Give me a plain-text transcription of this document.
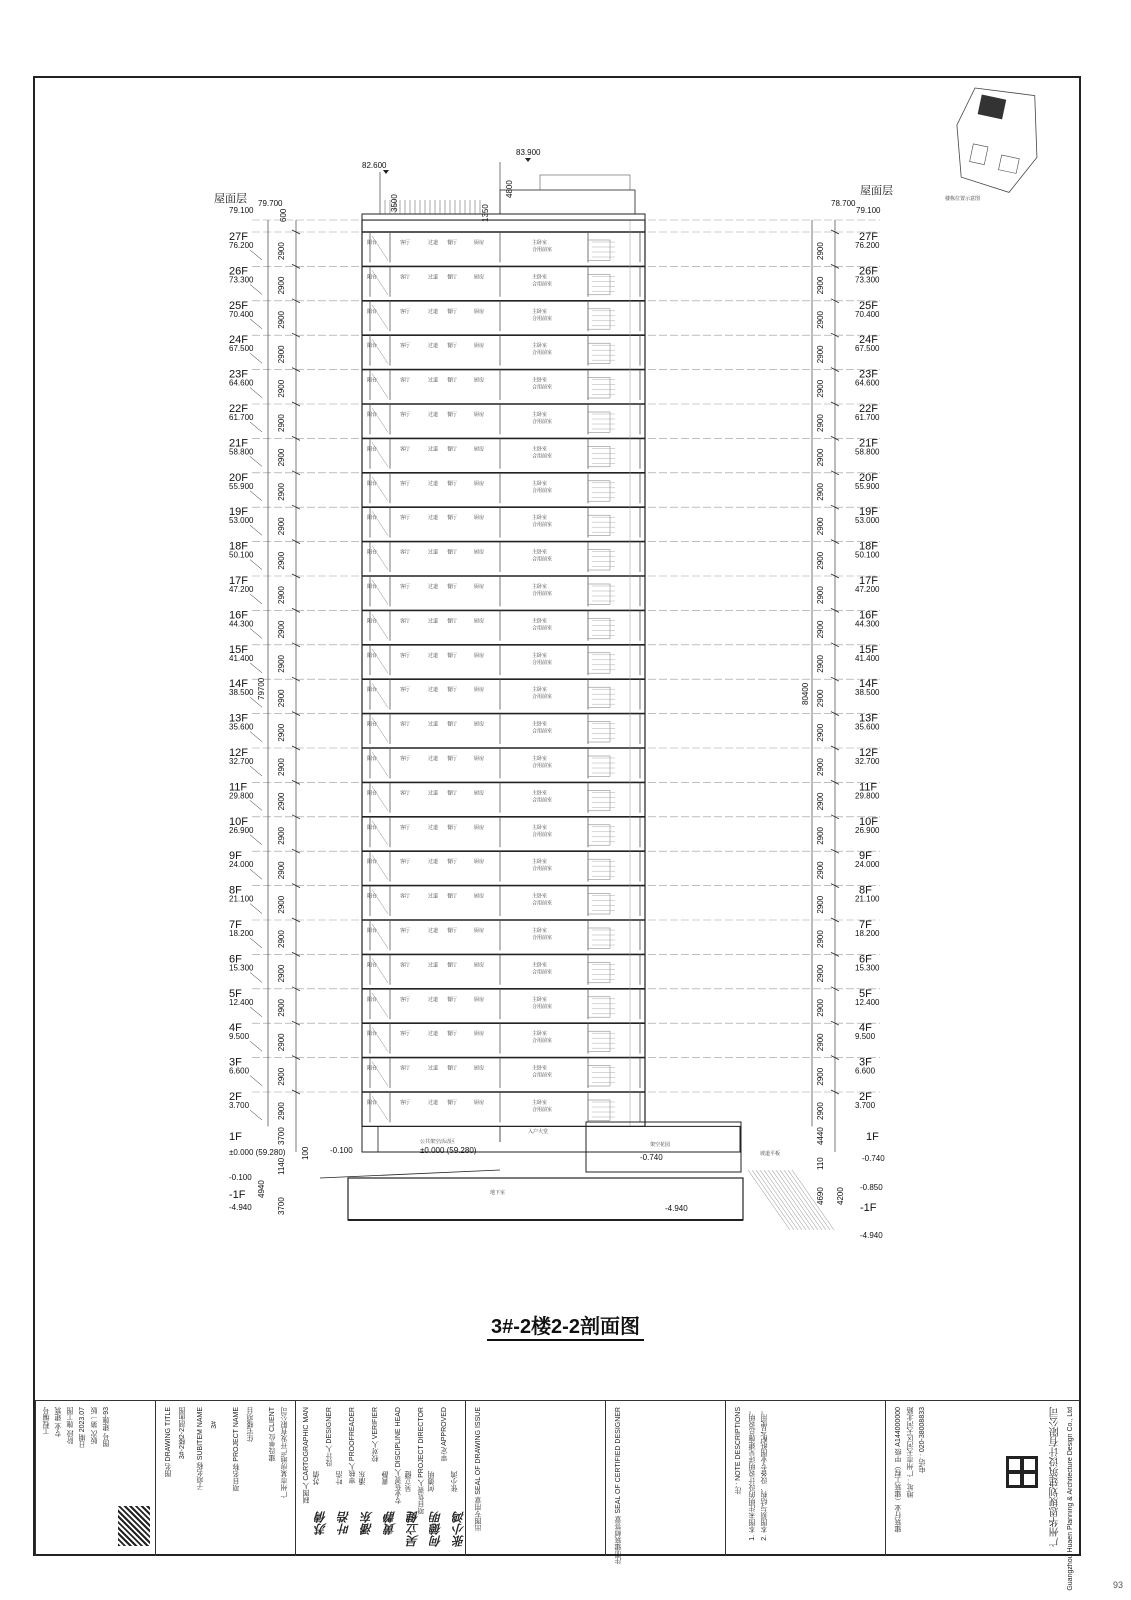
阳台	客厅	过道 餐厅	厨房	主卧室
合用前室
阳台	客厅	过道 餐厅	厨房	主卧室
合用前室
阳台	客厅	过道 餐厅	厨房	主卧室
合用前室
阳台	客厅	过道 餐厅	厨房	主卧室
合用前室
阳台	客厅	过道 餐厅	厨房	主卧室
合用前室
阳台	客厅	过道 餐厅	厨房	主卧室
合用前室
阳台	客厅	过道 餐厅	厨房	主卧室
合用前室
阳台	客厅	过道 餐厅	厨房	主卧室
合用前室
阳台	客厅	过道 餐厅	厨房	主卧室
合用前室
阳台	客厅	过道 餐厅	厨房	主卧室
合用前室
阳台	客厅	过道 餐厅	厨房	主卧室
合用前室
阳台	客厅	过道 餐厅	厨房	主卧室
合用前室
阳台	客厅	过道 餐厅	厨房	主卧室
合用前室
阳台	客厅	过道 餐厅	厨房	主卧室
合用前室
阳台	客厅	过道 餐厅	厨房	主卧室
合用前室
阳台	客厅	过道 餐厅	厨房	主卧室
合用前室
阳台	客厅	过道 餐厅	厨房	主卧室
合用前室
阳台	客厅	过道 餐厅	厨房	主卧室
合用前室
阳台	客厅	过道 餐厅	厨房	主卧室
合用前室
阳台	客厅	过道 餐厅	厨房	主卧室
合用前室
阳台	客厅	过道 餐厅	厨房	主卧室
合用前室
阳台	客厅	过道 餐厅	厨房	主卧室
合用前室
阳台	客厅	过道 餐厅	厨房	主卧室
合用前室
阳台	客厅	过道 餐厅	厨房	主卧室
合用前室
阳台	客厅	过道 餐厅	厨房	主卧室
合用前室
阳台	客厅	过道 餐厅	厨房	主卧室
合用前室
82.600
83.900
600
3500
4800
1350
屋面层
79.100
79.700
屋面层
79.100
78.700
27F
76.200
27F
76.200
2900	2900
26F
73.300
26F
73.300
2900	2900
25F
70.400
25F
70.400
2900	2900
24F
67.500
24F
67.500
2900	2900
23F
64.600
23F
64.600
2900	2900
22F
61.700
22F
61.700
2900	2900
21F
58.800
21F
58.800
2900	2900
20F
55.900
20F
55.900
2900	2900
19F
53.000
19F
53.000
2900	2900
18F
50.100
18F
50.100
2900	2900
17F
47.200
17F
47.200
2900	2900
16F
44.300
16F
44.300
2900	2900
15F
41.400
15F
41.400
2900	2900
14F
38.500
14F
38.500
2900	2900
13F
35.600
13F
35.600
2900	2900
12F
32.700
12F
32.700
2900	2900
11F
29.800
11F
29.800
2900	2900
10F
26.900
10F
26.900
2900	2900
9F
24.000
9F
24.000
2900	2900
8F
21.100
8F
21.100
2900	2900
7F
18.200
7F
18.200
2900	2900
6F
15.300
6F
15.300
2900	2900
5F
12.400
5F
12.400
2900	2900
4F
9.500
4F
9.500
2900	2900
3F
6.600
3F
6.600
2900	2900
2F
3.700
2F
3.700
2900	2900
79700	80400
1F
±0.000 (59.280)
1F
-0.740
-0.850
-0.100
-0.100
公共架空活动区
±0.000 (59.280)
入户大堂
架空花园
-0.740	坡道平板
3700
1140
100
4440
110
地下室
-4.940
-1F
-4.940	-1F
-4.940
4940
3700
4690 4200
楼栋位置示意图
3#-2楼2-2剖面图
93
工程编号 专业 建筑 阶段 施工图 日期 2023.07 版次 第一版 图号 建施-93	图名 DRAWING TITLE 3#-2楼2-2剖面图 子项名称 SUBITEM NAME 3# 项目名称 PROJECT NAME 住宅楼项目 建设单位 CLIENT 广州市某房地产开发有限公司 制图人 CARTOGRAPHIC MAN 苏倩
苏倩
设计人 DESIGNER
叶浩
叶浩
审核人 PROOFREADER 潘东
潘东
校对人 VERIFIER
黄静
黄静
专业负责人 DISCIPLINE HEAD 吴立健
吴立健
项目负责人 PROJECT DIRECTOR 何德明
何德明
审定 APPROVED
张小鸿
张小鸿 出图专用章 SEAL OF DRAWING ISSUE	注册建筑师签章 SEAL OF CERTIFIED DESIGNER	注：NOTE DESCRIPTIONS 1. 本图未注明的设计说明详见建施总说明。 2. 本图须与结构、设备专业图纸配合使用。	建筑行业（建筑工程）甲级 A144000000 地址：广州市天河区天河北路 电话：020-38008833	广州华恩规划建筑设计有限公司 Guangzhou Huaen Planning & Architecture Design Co., Ltd
